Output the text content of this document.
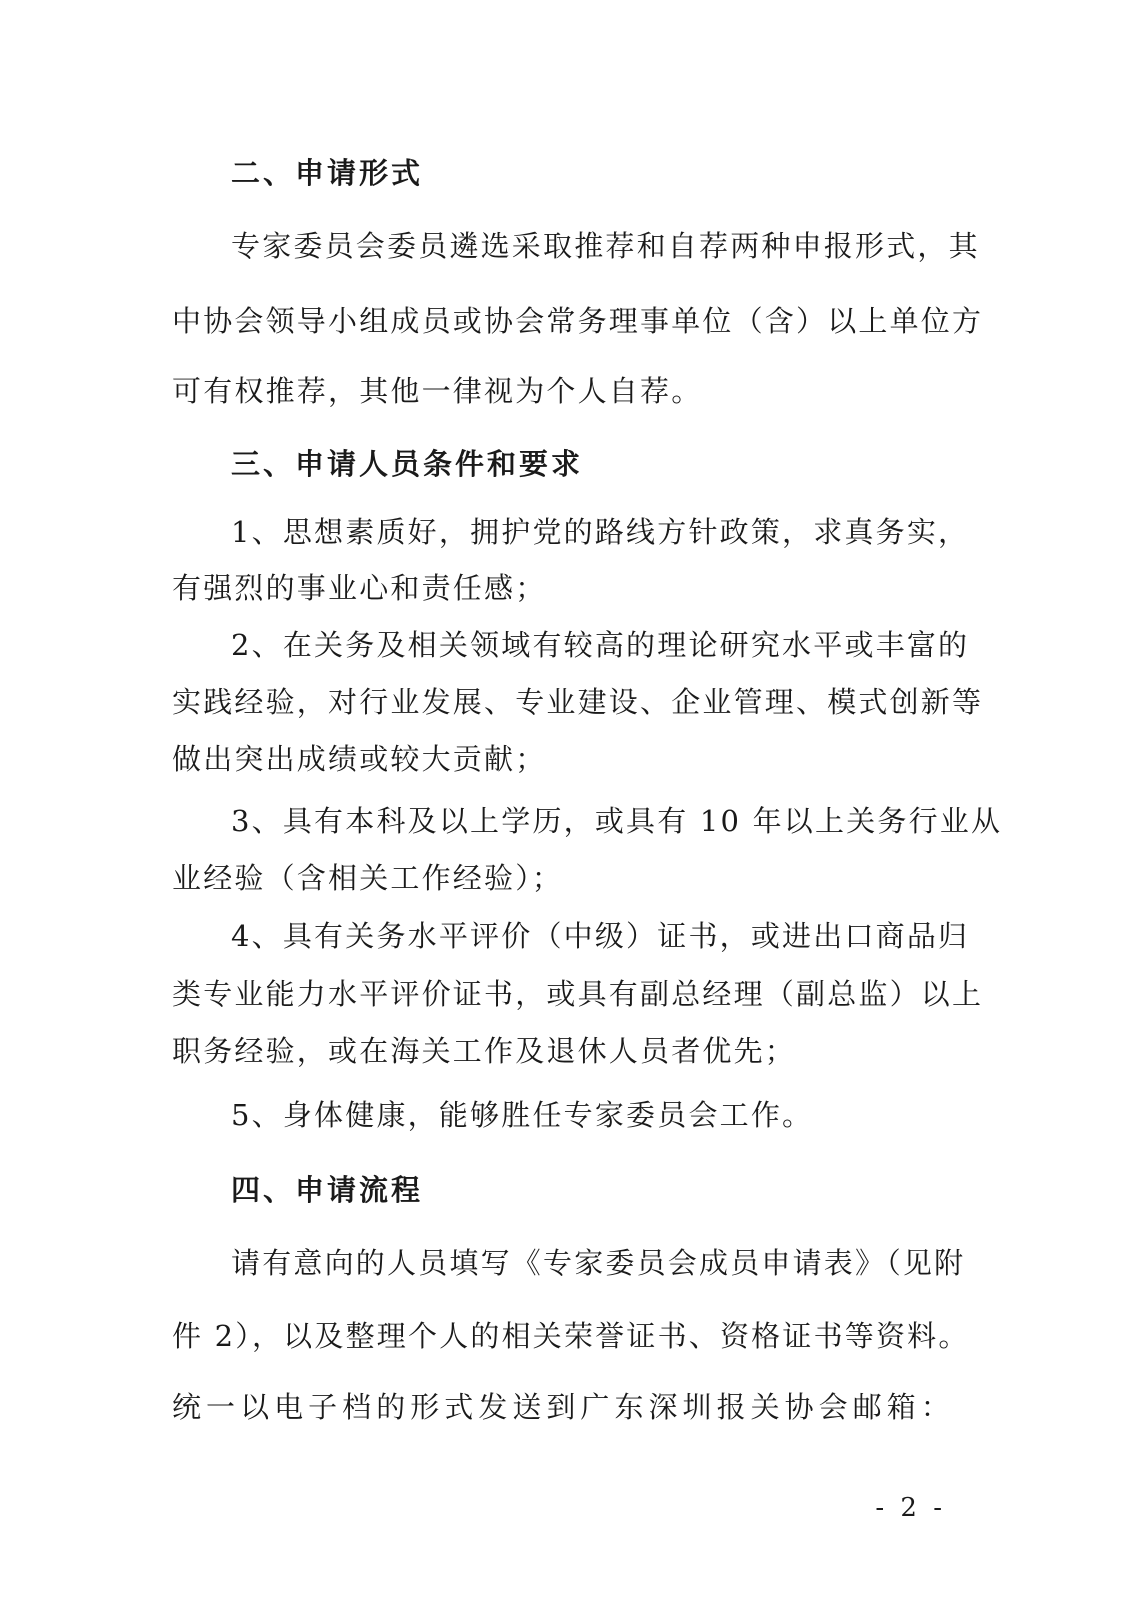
二、申请形式
专家委员会委员遴选采取推荐和自荐两种申报形式，其
中协会领导小组成员或协会常务理事单位（含）以上单位方
可有权推荐，其他一律视为个人自荐。
三、申请人员条件和要求
1、思想素质好，拥护党的路线方针政策，求真务实，
有强烈的事业心和责任感；
2、在关务及相关领域有较高的理论研究水平或丰富的
实践经验，对行业发展、专业建设、企业管理、模式创新等
做出突出成绩或较大贡献；
3、具有本科及以上学历，或具有 10 年以上关务行业从
业经验（含相关工作经验）；
4、具有关务水平评价（中级）证书，或进出口商品归
类专业能力水平评价证书，或具有副总经理（副总监）以上
职务经验，或在海关工作及退休人员者优先；
5、身体健康，能够胜任专家委员会工作。
四、申请流程
请有意向的人员填写《专家委员会成员申请表》（见附
件 2），以及整理个人的相关荣誉证书、资格证书等资料。
统一以电子档的形式发送到广东深圳报关协会邮箱：
- 2 -
